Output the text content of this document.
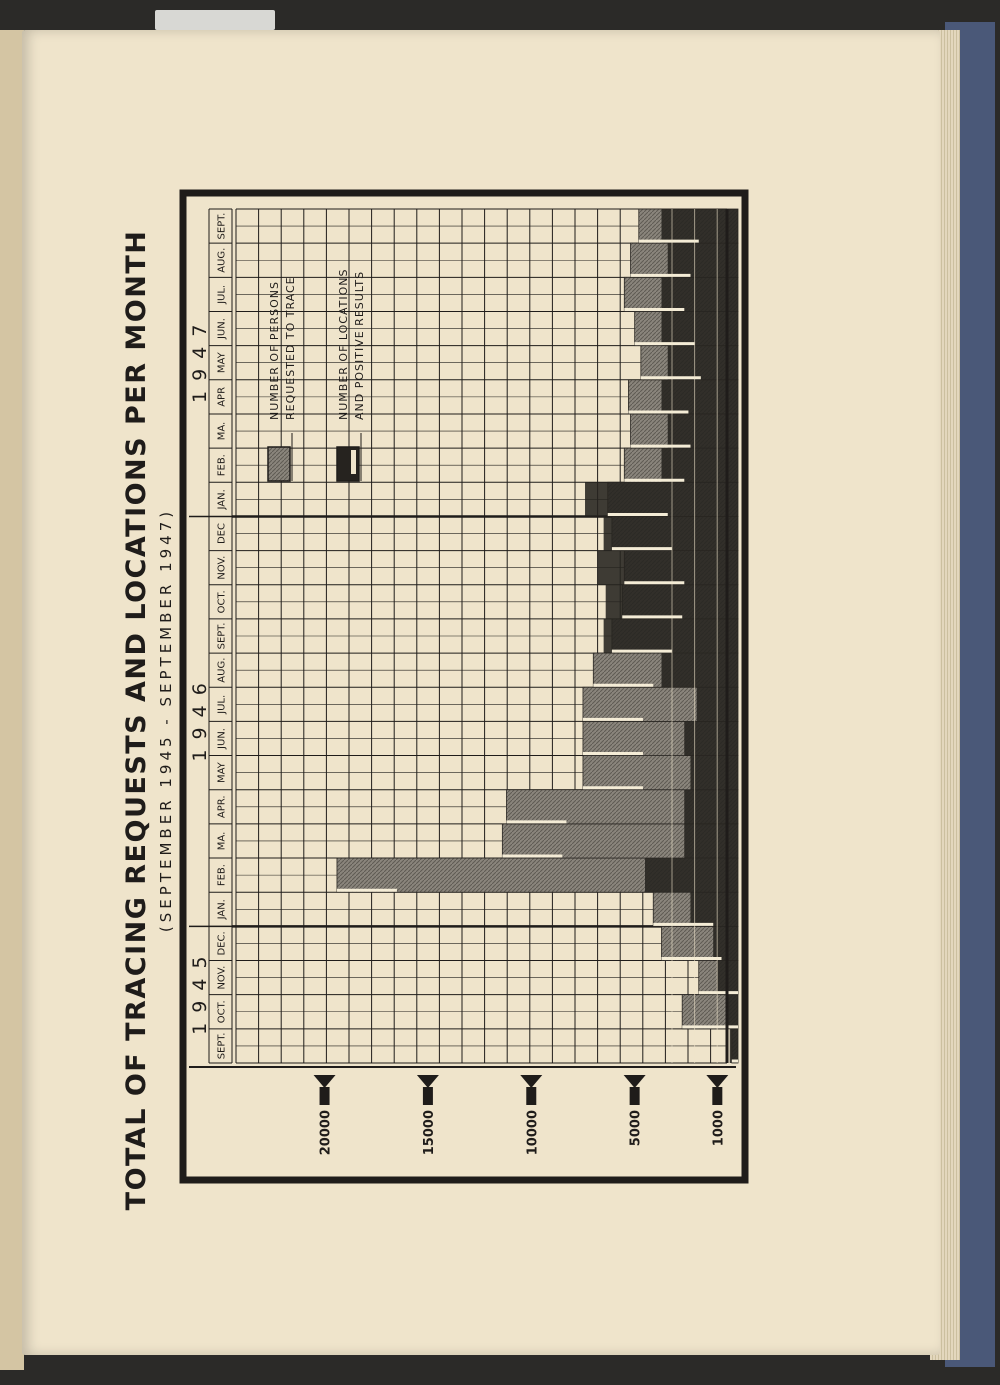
TOTAL OF TRACING REQUESTS AND LOCATIONS PER MONTH (SEPTEMBER 1945 - SEPTEMBER 1947)
1 9 4 5
1 9 4 6
1 9 4 7
SEPT.
OCT.
NOV.
DEC.
JAN.
FEB.
MA.
APR.
MAY
JUN.
JUL.
AUG.
SEPT.
OCT.
NOV.
DEC
JAN.
FEB.
MA.
APR
MAY
JUN.
JUL.
AUG.
SEPT.
20000	15000	10000	5000	1000
NUMBER OF PERSONS REQUESTED TO TRACE	NUMBER OF LOCATIONS AND POSITIVE RESULTS
